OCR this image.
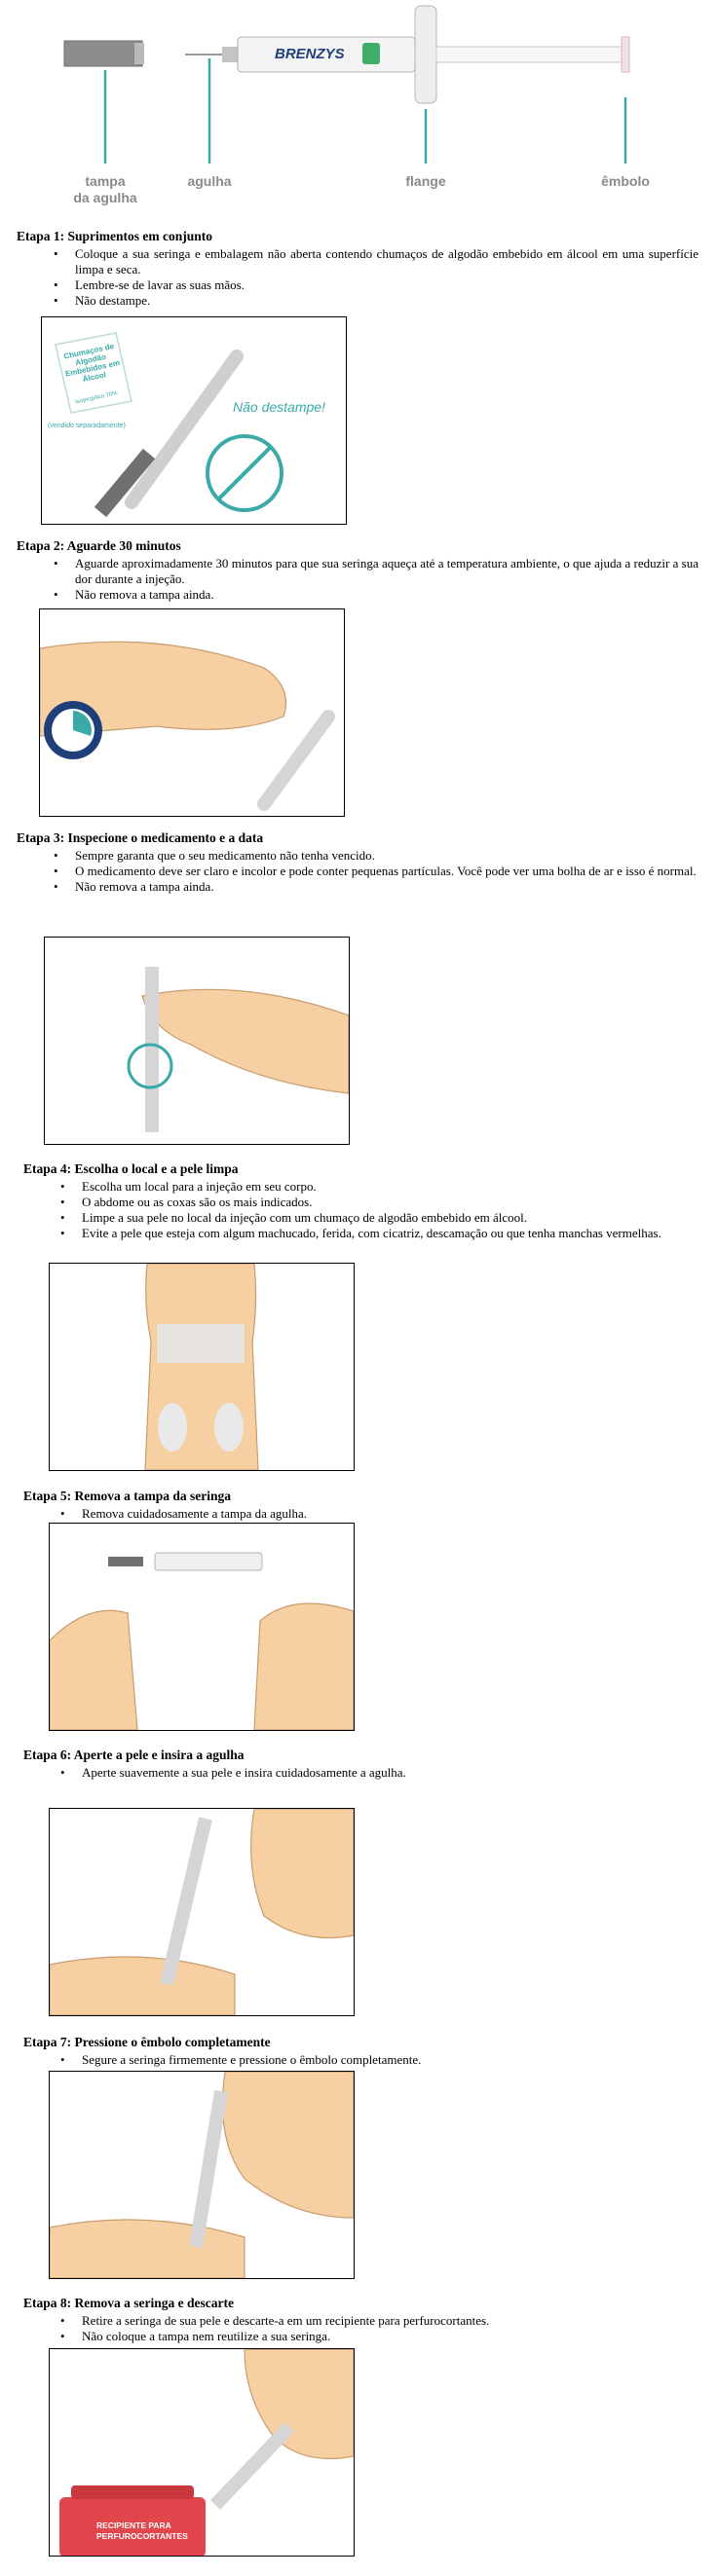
BRENZYS
tampa
da agulha
agulha	flange	êmbolo

Etapa 1: Suprimentos em conjunto

• Coloque a sua seringa e embalagem não aberta contendo chumaços de algodão embebido em álcool em uma superfície limpa e seca.
• Lembre-se de lavar as suas mãos.
• Não destampe.
Chumaços de Algodão Embebidos em Álcool
Isopropílico 70%
(vendido separadamente)
Não destampe!

Etapa 2: Aguarde 30 minutos

• Aguarde aproximadamente 30 minutos para que sua seringa aqueça até a temperatura ambiente, o que ajuda a reduzir a sua dor durante a injeção.
• Não remova a tampa ainda.

Etapa 3: Inspecione o medicamento e a data

• Sempre garanta que o seu medicamento não tenha vencido.
• O medicamento deve ser claro e incolor e pode conter pequenas partículas. Você pode ver uma bolha de ar e isso é normal.
• Não remova a tampa ainda.

Etapa 4: Escolha o local e a pele limpa

• Escolha um local para a injeção em seu corpo.
• O abdome ou as coxas são os mais indicados.
• Limpe a sua pele no local da injeção com um chumaço de algodão embebido em álcool.
• Evite a pele que esteja com algum machucado, ferida, com cicatriz, descamação ou que tenha manchas vermelhas.

Etapa 5: Remova a tampa da seringa

• Remova cuidadosamente a tampa da agulha.

Etapa 6: Aperte a pele e insira a agulha

• Aperte suavemente a sua pele e insira cuidadosamente a agulha.

Etapa 7: Pressione o êmbolo completamente

• Segure a seringa firmemente e pressione o êmbolo completamente.

Etapa 8: Remova a seringa e descarte

• Retire a seringa de sua pele e descarte-a em um recipiente para perfurocortantes.
• Não coloque a tampa nem reutilize a sua seringa.
RECIPIENTE PARA
PERFUROCORTANTES
